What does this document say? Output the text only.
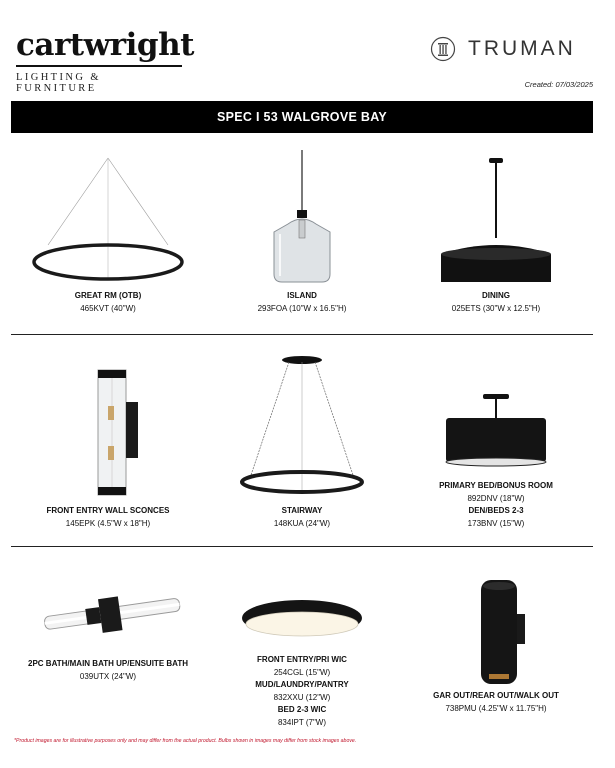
cartwright
LIGHTING & FURNITURE
TRUMAN
Created: 07/03/2025
SPEC I 53 WALGROVE BAY
GREAT RM (OTB)
465KVT (40"W)
ISLAND
293FOA (10"W x 16.5"H)
DINING
025ETS (30"W x 12.5"H)
FRONT ENTRY WALL SCONCES
145EPK (4.5"W x 18"H)
STAIRWAY
148KUA (24"W)
PRIMARY BED/BONUS ROOM
892DNV (18"W)
DEN/BEDS 2-3
173BNV (15"W)
2PC BATH/MAIN BATH UP/ENSUITE BATH
039UTX (24"W)
FRONT ENTRY/PRI WIC
254CGL (15"W)
MUD/LAUNDRY/PANTRY
832XXU (12"W)
BED 2-3 WIC
834IPT (7"W)
GAR OUT/REAR OUT/WALK OUT
738PMU (4.25"W x 11.75"H)
*Product images are for illustrative purposes only and may differ from the actual product. Bulbs shown in images may differ from stock images above.
